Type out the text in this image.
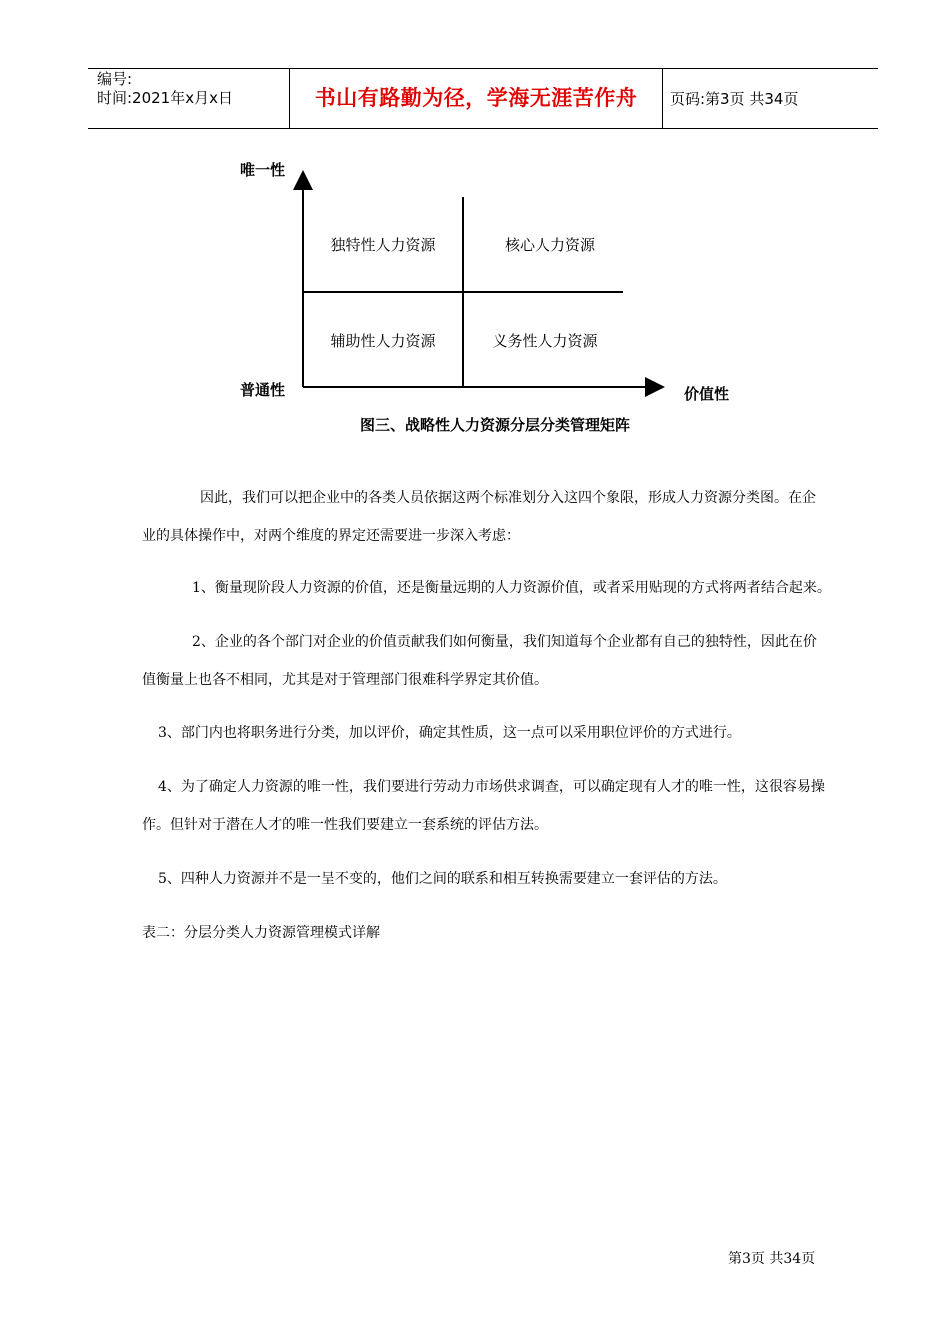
编号:
时间:2021年x月x日	书山有路勤为径，学海无涯苦作舟	页码:第3页 共34页
唯一性
普通性	价值性
独特性人力资源	核心人力资源
辅助性人力资源	义务性人力资源
图三、战略性人力资源分层分类管理矩阵
因此，我们可以把企业中的各类人员依据这两个标准划分入这四个象限，形成人力资源分类图。在企
业的具体操作中，对两个维度的界定还需要进一步深入考虑：
1、衡量现阶段人力资源的价值，还是衡量远期的人力资源价值，或者采用贴现的方式将两者结合起来。
2、企业的各个部门对企业的价值贡献我们如何衡量，我们知道每个企业都有自己的独特性，因此在价
值衡量上也各不相同，尤其是对于管理部门很难科学界定其价值。
3、部门内也将职务进行分类，加以评价，确定其性质，这一点可以采用职位评价的方式进行。
4、为了确定人力资源的唯一性，我们要进行劳动力市场供求调查，可以确定现有人才的唯一性，这很容易操
作。但针对于潜在人才的唯一性我们要建立一套系统的评估方法。
5、四种人力资源并不是一呈不变的，他们之间的联系和相互转换需要建立一套评估的方法。
表二：分层分类人力资源管理模式详解
第3页 共34页
